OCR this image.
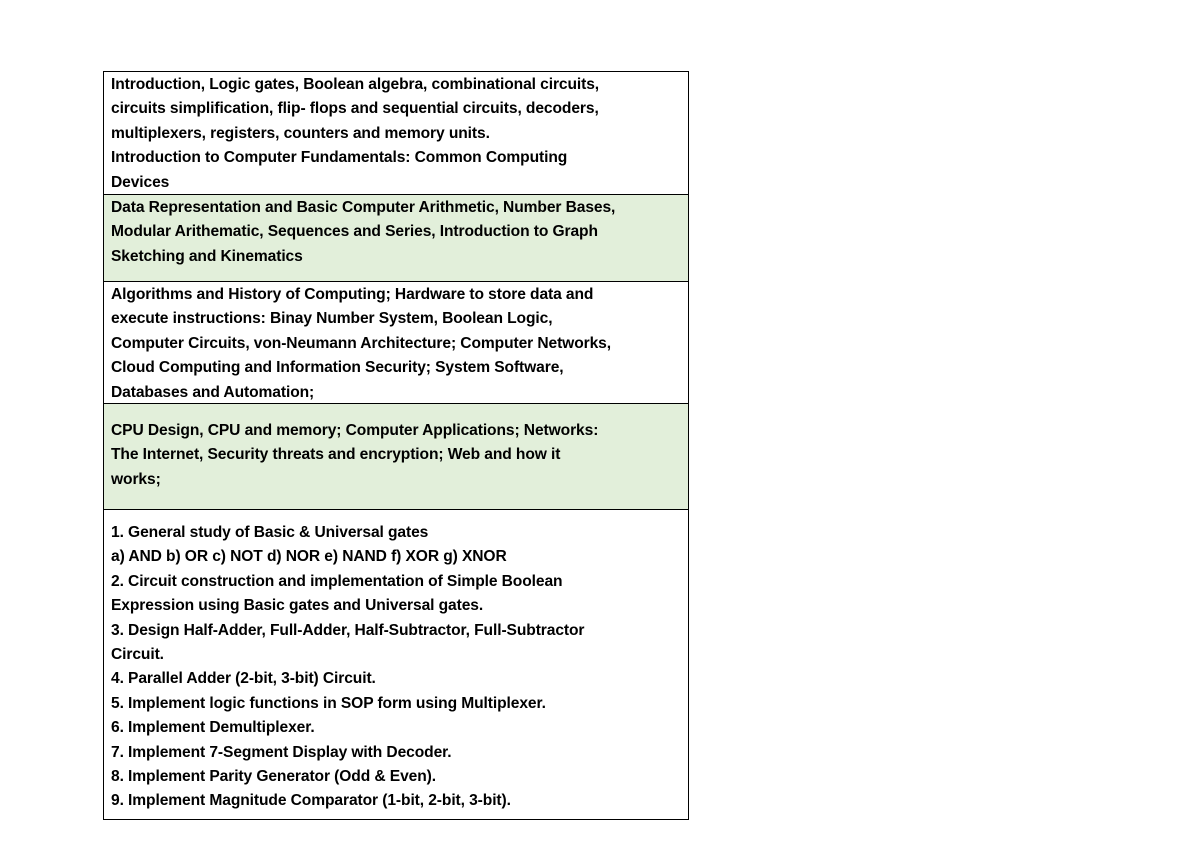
Introduction, Logic gates, Boolean algebra, combinational circuits,
circuits simplification, flip- flops and sequential circuits, decoders,
multiplexers, registers, counters and memory units.
Introduction to Computer Fundamentals: Common Computing
Devices
Data Representation and Basic Computer Arithmetic, Number Bases,
Modular Arithematic, Sequences and Series, Introduction to Graph
Sketching and Kinematics
Algorithms and History of Computing; Hardware to store data and
execute instructions: Binay Number System, Boolean Logic,
Computer Circuits, von-Neumann Architecture; Computer Networks,
Cloud Computing and Information Security; System Software,
Databases and Automation;
CPU Design, CPU and memory; Computer Applications; Networks:
The Internet, Security threats and encryption; Web and how it
works;
1. General study of Basic & Universal gates
a) AND b) OR c) NOT d) NOR e) NAND f) XOR g) XNOR
2. Circuit construction and implementation of Simple Boolean
Expression using Basic gates and Universal gates.
3. Design Half-Adder, Full-Adder, Half-Subtractor, Full-Subtractor
Circuit.
4. Parallel Adder (2-bit, 3-bit) Circuit.
5. Implement logic functions in SOP form using Multiplexer.
6. Implement Demultiplexer.
7. Implement 7-Segment Display with Decoder.
8. Implement Parity Generator (Odd & Even).
9. Implement Magnitude Comparator (1-bit, 2-bit, 3-bit).
